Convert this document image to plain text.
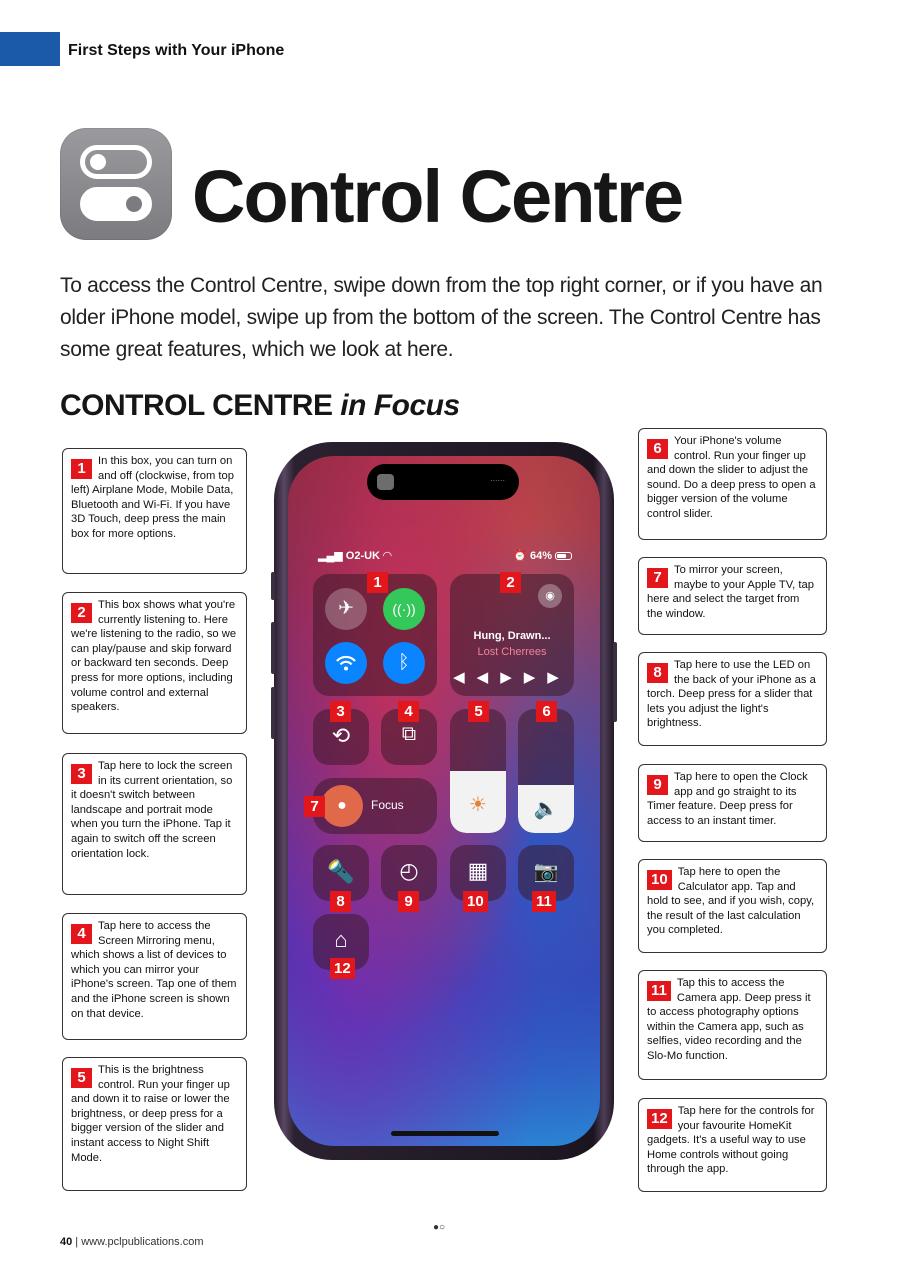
First Steps with Your iPhone
Control Centre

To access the Control Centre, swipe down from the top right corner, or if you have an older iPhone model, swipe up from the bottom of the screen. The Control Centre has some great features, which we look at here.

CONTROL CENTRE in Focus
1	In this box, you can turn on and off (clockwise, from top left) Airplane Mode, Mobile Data, Bluetooth and Wi-Fi. If you have 3D Touch, deep press the main box for more options.
2	This box shows what you're currently listening to. Here we're listening to the radio, so we can play/pause and skip forward or backward ten seconds. Deep press for more options, including volume control and external speakers.
3	Tap here to lock the screen in its current orientation, so it doesn't switch between landscape and portrait mode when you turn the iPhone. Tap it again to switch off the screen orientation lock.
4	Tap here to access the Screen Mirroring menu, which shows a list of devices to which you can mirror your iPhone's screen. Tap one of them and the iPhone screen is shown on that device.
5	This is the brightness control. Run your finger up and down it to raise or lower the brightness, or deep press for a bigger version of the slider and instant access to Night Shift Mode.
6	Your iPhone's volume control. Run your finger up and down the slider to adjust the sound. Do a deep press to open a bigger version of the volume control slider.
7	To mirror your screen, maybe to your Apple TV, tap here and select the target from the window.
8	Tap here to use the LED on the back of your iPhone as a torch. Deep press for a slider that lets you adjust the light's brightness.
9	Tap here to open the Clock app and go straight to its Timer feature. Deep press for access to an instant timer.
10 Tap here to open the Calculator app. Tap and hold to see, and if you wish, copy, the result of the last calculation you completed.
11 Tap this to access the Camera app. Deep press it to access photography options within the Camera app, such as selfies, video recording and the Slo-Mo function.
12 Tap here for the controls for your favourite HomeKit gadgets. It's a useful way to use Home controls without going through the app.
......
▂▄▆ O2-UK ◠	⏰ 64%
✈	((·))
ᛒ
1
◉
Hung, Drawn...
Lost Cherrees
◀◀▶▶▶
2
⟲
3
⧉
4
☀
5
🔈
6
●	Focus
7
🔦
8
◴
9
▦
10
📷
11
⌂
12
●○
40 | www.pclpublications.com
